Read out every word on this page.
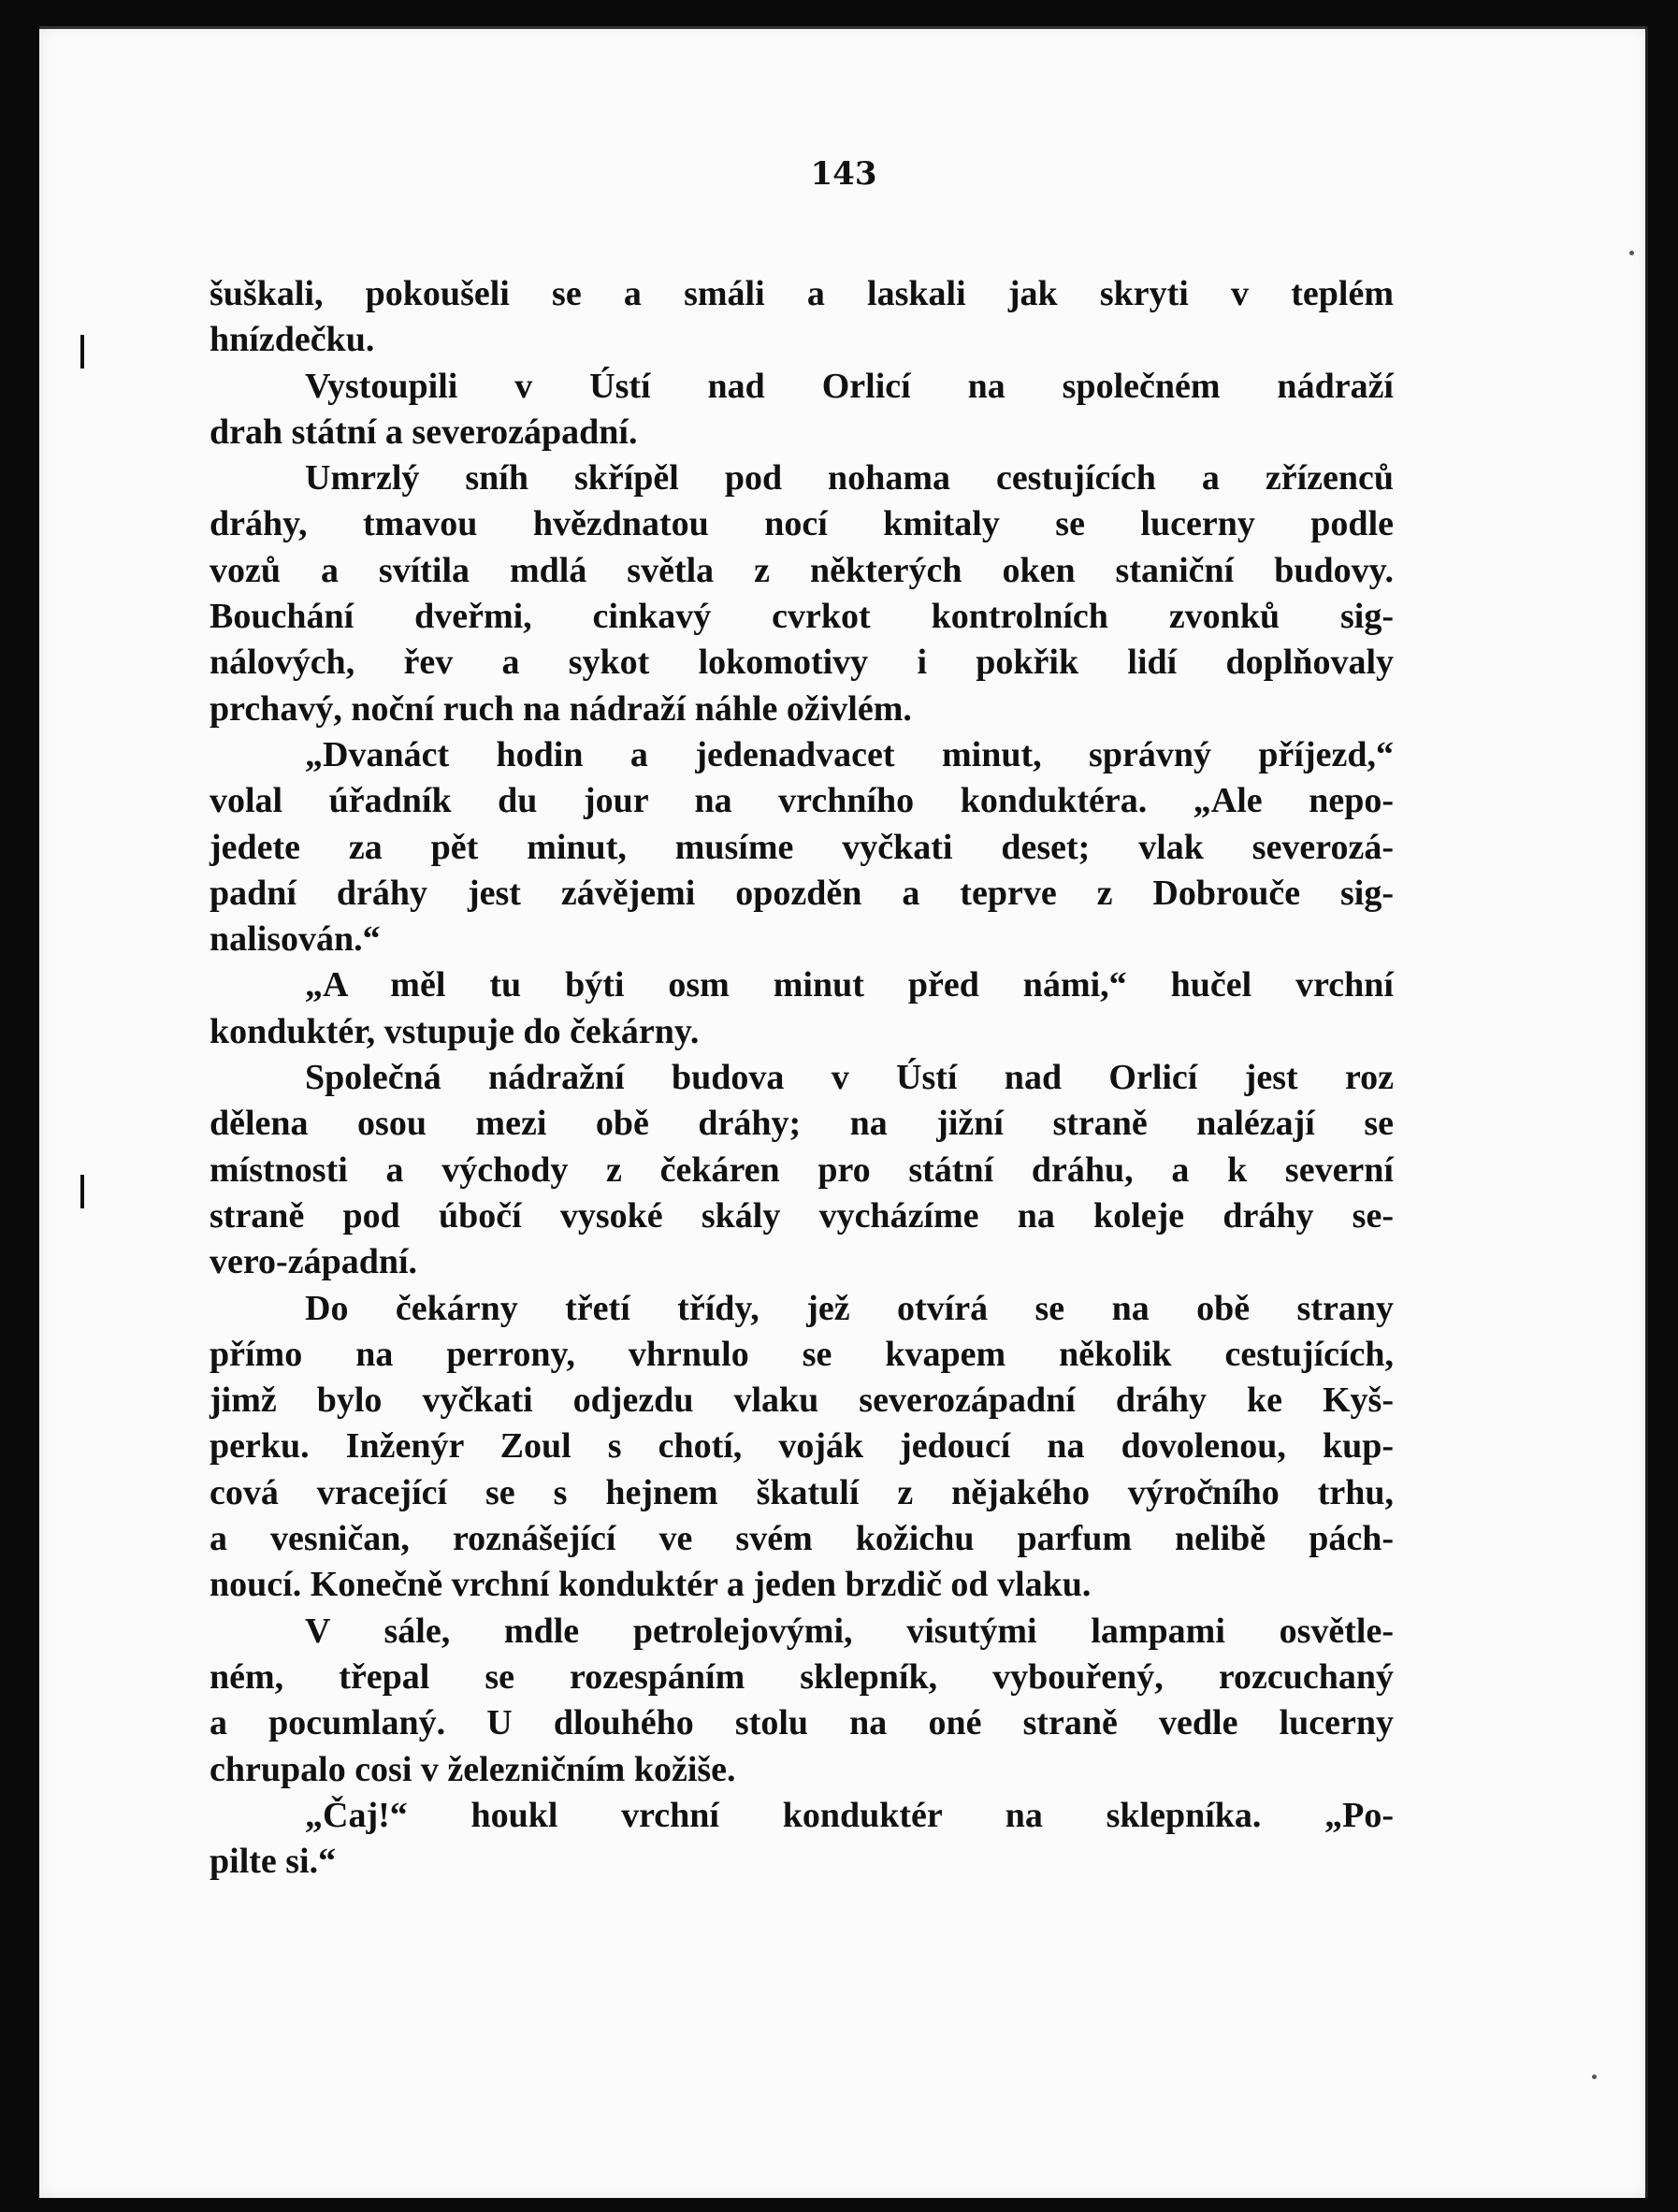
143
šuškali, pokoušeli se a smáli a laskali jak skryti v teplém
hnízdečku.
Vystoupili v Ústí nad Orlicí na společném nádraží
drah státní a severozápadní.
Umrzlý sníh skřípěl pod nohama cestujících a zřízenců
dráhy, tmavou hvězdnatou nocí kmitaly se lucerny podle
vozů a svítila mdlá světla z některých oken staniční budovy.
Bouchání dveřmi, cinkavý cvrkot kontrolních zvonků sig-
nálových, řev a sykot lokomotivy i pokřik lidí doplňovaly
prchavý, noční ruch na nádraží náhle oživlém.
„Dvanáct hodin a jedenadvacet minut, správný příjezd,“
volal úřadník du jour na vrchního konduktéra. „Ale nepo-
jedete za pět minut, musíme vyčkati deset; vlak severozá-
padní dráhy jest závějemi opozděn a teprve z Dobrouče sig-
nalisován.“
„A měl tu býti osm minut před námi,“ hučel vrchní
konduktér, vstupuje do čekárny.
Společná nádražní budova v Ústí nad Orlicí jest roz
dělena osou mezi obě dráhy; na jižní straně nalézají se
místnosti a východy z čekáren pro státní dráhu, a k severní
straně pod úbočí vysoké skály vycházíme na koleje dráhy se-
vero-západní.
Do čekárny třetí třídy, jež otvírá se na obě strany
přímo na perrony, vhrnulo se kvapem několik cestujících,
jimž bylo vyčkati odjezdu vlaku severozápadní dráhy ke Kyš-
perku. Inženýr Zoul s chotí, voják jedoucí na dovolenou, kup-
cová vracející se s hejnem škatulí z nějakého výročního trhu,
a vesničan, roznášející ve svém kožichu parfum nelibě pách-
noucí. Konečně vrchní konduktér a jeden brzdič od vlaku.
V sále, mdle petrolejovými, visutými lampami osvětle-
ném, třepal se rozespáním sklepník, vybouřený, rozcuchaný
a pocumlaný. U dlouhého stolu na oné straně vedle lucerny
chrupalo cosi v železničním kožiše.
„Čaj!“ houkl vrchní konduktér na sklepníka. „Po-
pilte si.“
